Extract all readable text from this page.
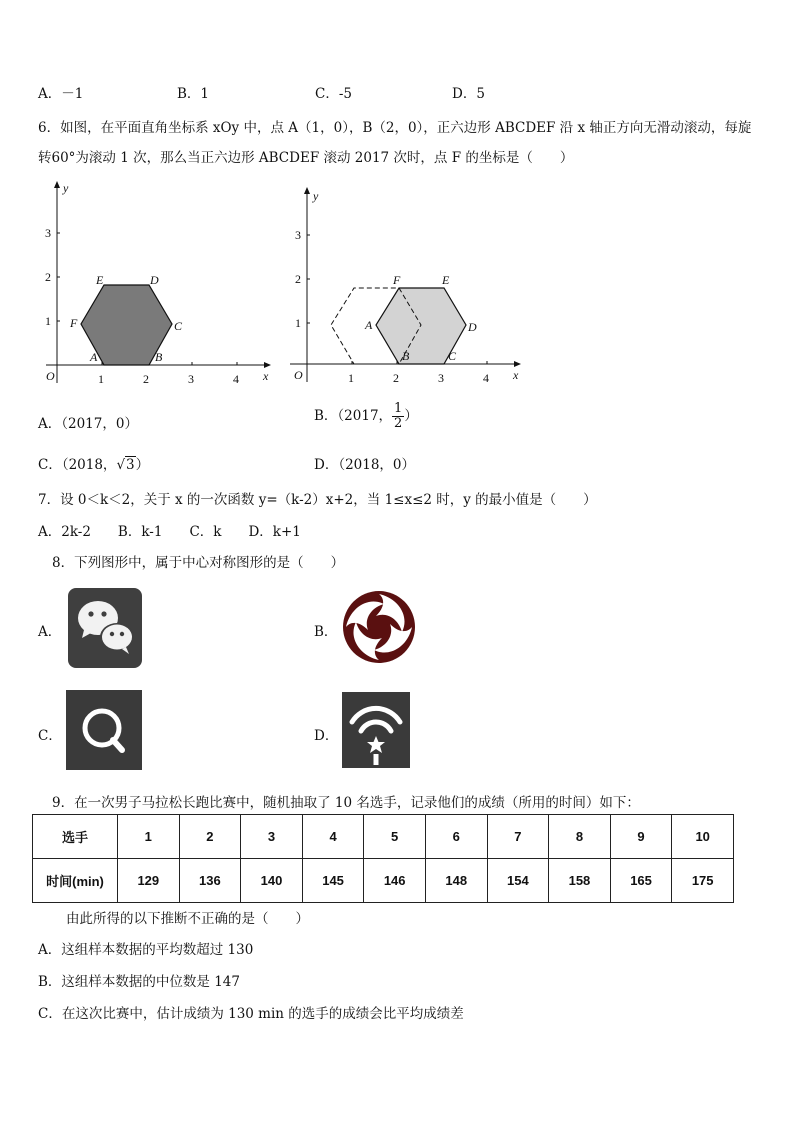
A．－1	B．1	C．-5	D．5
6．如图，在平面直角坐标系 xOy 中，点 A（1，0），B（2，0），正六边形 ABCDEF 沿 x 轴正方向无滑动滚动，每旋
转60°为滚动 1 次，那么当正六边形 ABCDEF 滚动 2017 次时，点 F 的坐标是（　　）
y
x
O	1	2	3	4
1
2
3
A	B
C
D
E
F
y
x
O	1	2	3	4
1
2
3
F	E
A	D
B	C
A．（2017，0）	B．（2017， $\frac{1}{2}$ ）
C．（2018，√3）	D．（2018，0）
7．设 0＜k＜2，关于 x 的一次函数 y=（k-2）x+2，当 1≤x≤2 时，y 的最小值是（　　）
A．2k-2　　B．k-1　　C．k　　D．k+1
8．下列图形中，属于中心对称图形的是（　　）
A．	B．
C．	D．
9．在一次男子马拉松长跑比赛中，随机抽取了 10 名选手，记录他们的成绩（所用的时间）如下：
选手	1	2	3	4	5	6	7	8	9	10
时间(min)	129	136	140	145	146	148	154	158	165	175
由此所得的以下推断不正确的是（　　）
A．这组样本数据的平均数超过 130
B．这组样本数据的中位数是 147
C．在这次比赛中，估计成绩为 130 min 的选手的成绩会比平均成绩差
